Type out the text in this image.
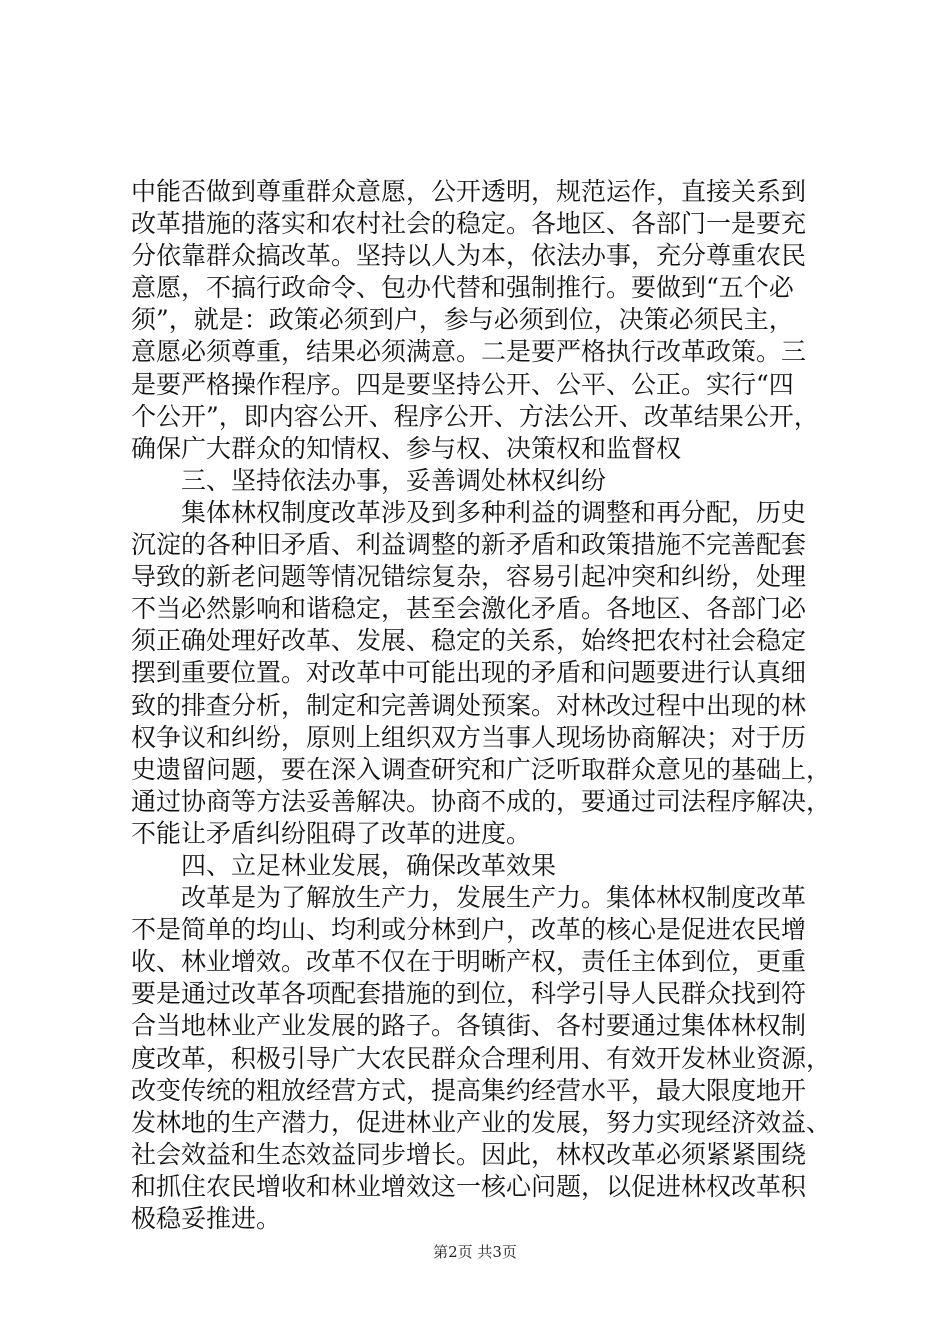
中能否做到尊重群众意愿，公开透明，规范运作，直接关系到
改革措施的落实和农村社会的稳定。各地区、各部门一是要充
分依靠群众搞改革。坚持以人为本，依法办事，充分尊重农民
意愿，不搞行政命令、包办代替和强制推行。要做到“五个必
须”，就是：政策必须到户，参与必须到位，决策必须民主，
意愿必须尊重，结果必须满意。二是要严格执行改革政策。三
是要严格操作程序。四是要坚持公开、公平、公正。实行“四
个公开”，即内容公开、程序公开、方法公开、改革结果公开，
确保广大群众的知情权、参与权、决策权和监督权
　　三、坚持依法办事，妥善调处林权纠纷
　　集体林权制度改革涉及到多种利益的调整和再分配，历史
沉淀的各种旧矛盾、利益调整的新矛盾和政策措施不完善配套
导致的新老问题等情况错综复杂，容易引起冲突和纠纷，处理
不当必然影响和谐稳定，甚至会激化矛盾。各地区、各部门必
须正确处理好改革、发展、稳定的关系，始终把农村社会稳定
摆到重要位置。对改革中可能出现的矛盾和问题要进行认真细
致的排查分析，制定和完善调处预案。对林改过程中出现的林
权争议和纠纷，原则上组织双方当事人现场协商解决；对于历
史遗留问题，要在深入调查研究和广泛听取群众意见的基础上，
通过协商等方法妥善解决。协商不成的，要通过司法程序解决，
不能让矛盾纠纷阻碍了改革的进度。
　　四、立足林业发展，确保改革效果
　　改革是为了解放生产力，发展生产力。集体林权制度改革
不是简单的均山、均利或分林到户，改革的核心是促进农民增
收、林业增效。改革不仅在于明晰产权，责任主体到位，更重
要是通过改革各项配套措施的到位，科学引导人民群众找到符
合当地林业产业发展的路子。各镇街、各村要通过集体林权制
度改革，积极引导广大农民群众合理利用、有效开发林业资源，
改变传统的粗放经营方式，提高集约经营水平，最大限度地开
发林地的生产潜力，促进林业产业的发展，努力实现经济效益、
社会效益和生态效益同步增长。因此，林权改革必须紧紧围绕
和抓住农民增收和林业增效这一核心问题，以促进林权改革积
极稳妥推进。
第2页 共3页
